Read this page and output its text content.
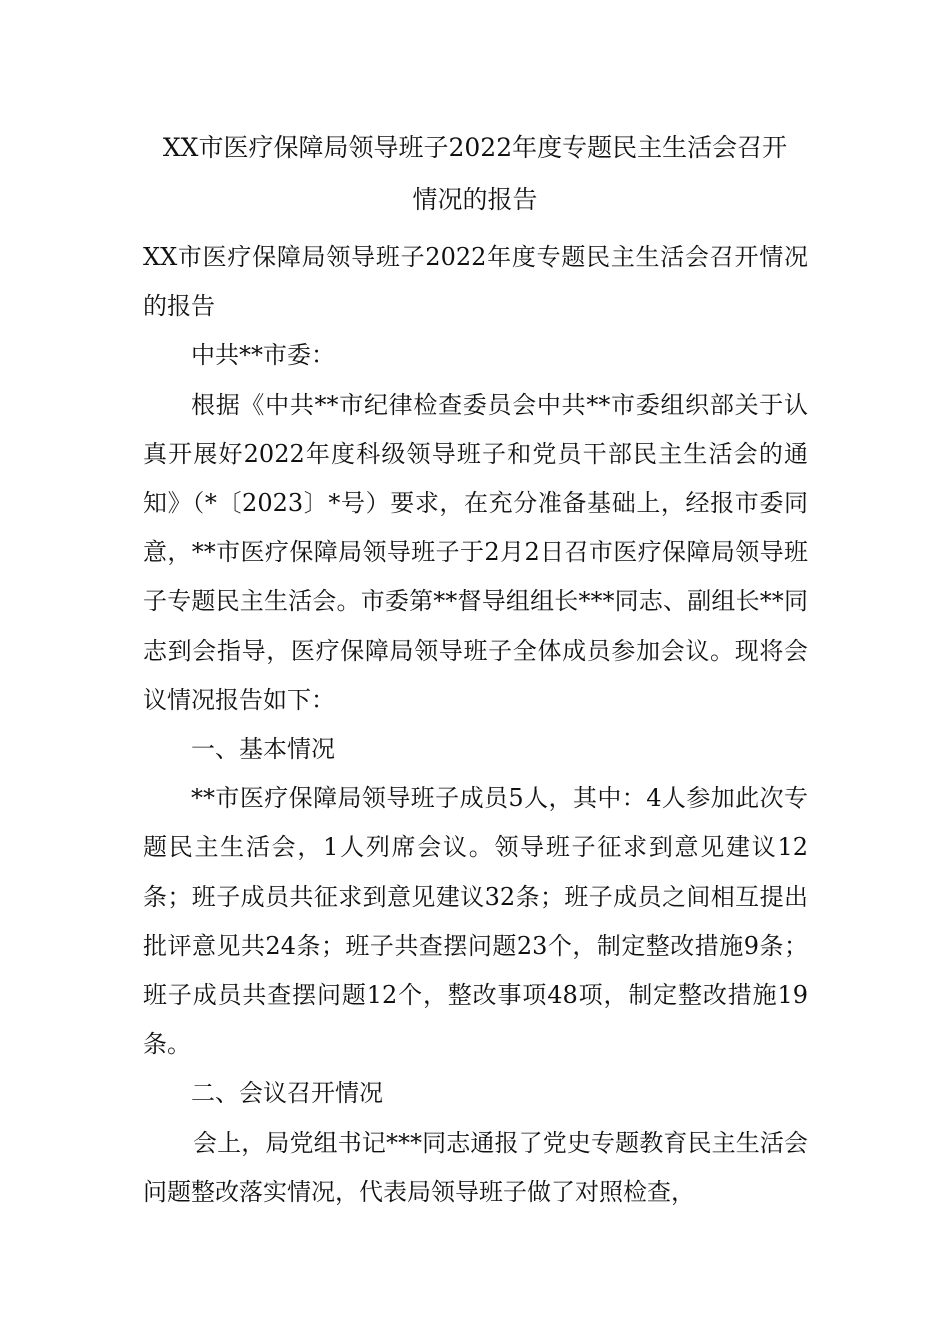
XX市医疗保障局领导班子2022年度专题民主生活会召开
情况的报告

XX市医疗保障局领导班子2022年度专题民主生活会召开情况的报告

中共**市委：

根据《中共**市纪律检查委员会中共**市委组织部关于认真开展好2022年度科级领导班子和党员干部民主生活会的通知》（*〔2023〕*号）要求，在充分准备基础上，经报市委同意，**市医疗保障局领导班子于2月2日召市医疗保障局领导班子专题民主生活会。市委第**督导组组长***同志、副组长**同志到会指导，医疗保障局领导班子全体成员参加会议。现将会议情况报告如下：

一、基本情况

**市医疗保障局领导班子成员5人，其中：4人参加此次专题民主生活会，1人列席会议。领导班子征求到意见建议12条；班子成员共征求到意见建议32条；班子成员之间相互提出批评意见共24条；班子共查摆问题23个，制定整改措施9条；班子成员共查摆问题12个，整改事项48项，制定整改措施19条。

二、会议召开情况

会上，局党组书记***同志通报了党史专题教育民主生活会问题整改落实情况，代表局领导班子做了对照检查，
